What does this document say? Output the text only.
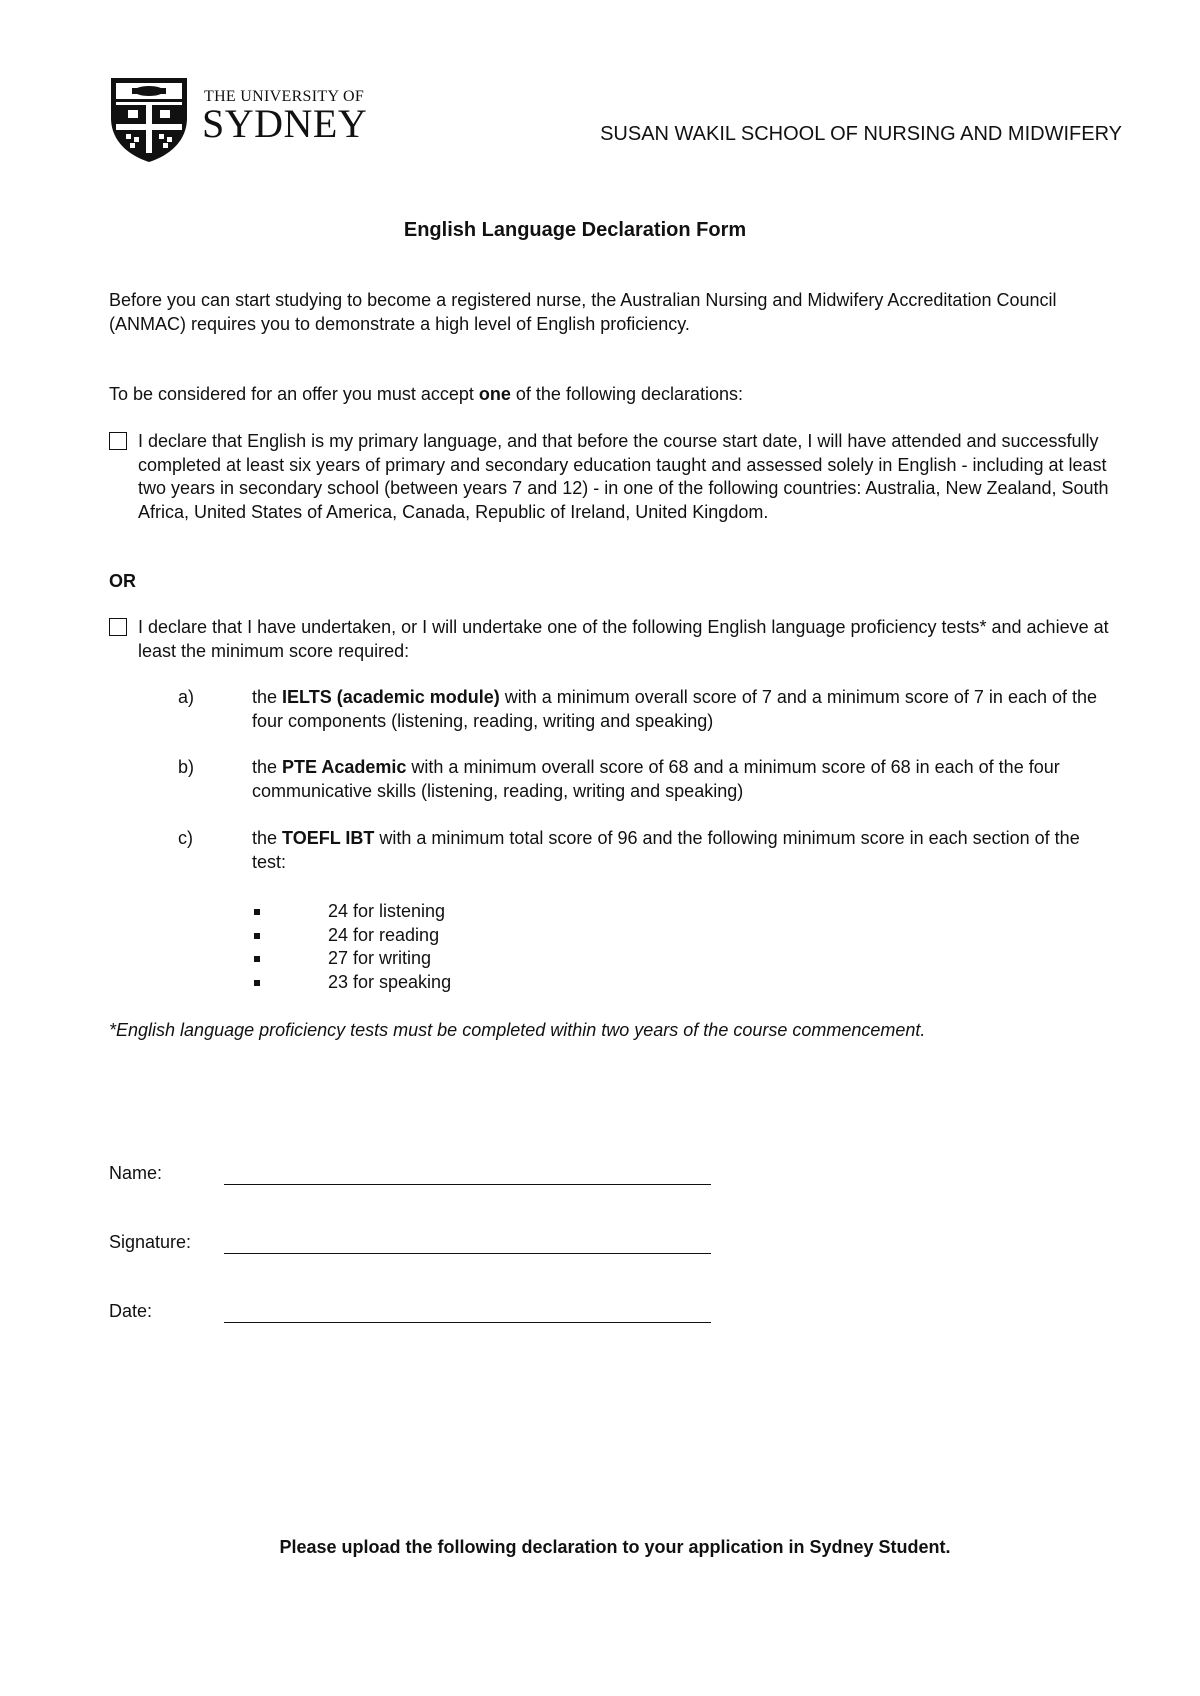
THE UNIVERSITY OF
SYDNEY	SUSAN WAKIL SCHOOL OF NURSING AND MIDWIFERY
English Language Declaration Form
Before you can start studying to become a registered nurse, the Australian Nursing and Midwifery Accreditation Council (ANMAC) requires you to demonstrate a high level of English proficiency.
To be considered for an offer you must accept one of the following declarations:
I declare that English is my primary language, and that before the course start date, I will have attended and successfully completed at least six years of primary and secondary education taught and assessed solely in English - including at least two years in secondary school (between years 7 and 12) - in one of the following countries: Australia, New Zealand, South Africa, United States of America, Canada, Republic of Ireland, United Kingdom.
OR
I declare that I have undertaken, or I will undertake one of the following English language proficiency tests* and achieve at least the minimum score required:
a)	the IELTS (academic module) with a minimum overall score of 7 and a minimum score of 7 in each of the four components (listening, reading, writing and speaking)
b)	the PTE Academic with a minimum overall score of 68 and a minimum score of 68 in each of the four communicative skills (listening, reading, writing and speaking)
c)	the TOEFL IBT with a minimum total score of 96 and the following minimum score in each section of the test:
24 for listening
24 for reading
27 for writing
23 for speaking
*English language proficiency tests must be completed within two years of the course commencement.
Name:
Signature:
Date:
Please upload the following declaration to your application in Sydney Student.
